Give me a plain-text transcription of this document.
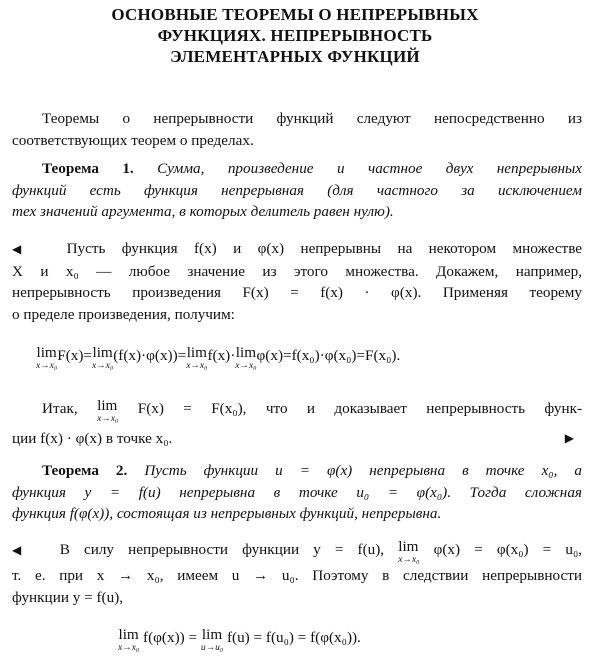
ОСНОВНЫЕ ТЕОРЕМЫ О НЕПРЕРЫВНЫХ
ФУНКЦИЯХ. НЕПРЕРЫВНОСТЬ
ЭЛЕМЕНТАРНЫХ ФУНКЦИЙ
Теоремы о непрерывности функций следуют непосредственно из
соответствующих теорем о пределах.
Теорема 1. Сумма, произведение и частное двух непрерывных
функций есть функция непрерывная (для частного за исключением
тех значений аргумента, в которых делитель равен нулю).
◀ Пусть функция f(x) и φ(x) непрерывны на некотором множестве
X и x₀ — любое значение из этого множества. Докажем, например,
непрерывность произведения F(x) = f(x) · φ(x). Применяя теорему
о пределе произведения, получим:
lim
x→x₀
F(x)= lim
x→x₀
(f(x)·φ(x))= lim
x→x₀
f(x)· lim
x→x₀
φ(x)=f(x₀)·φ(x₀)=F(x₀).
Итак, lim
x→x₀
F(x) = F(x₀), что и доказывает непрерывность функ-
ции f(x) · φ(x) в точке x₀.	▶
Теорема 2. Пусть функции u = φ(x) непрерывна в точке x₀, а
функция y = f(u) непрерывна в точке u₀ = φ(x₀). Тогда сложная
функция f(φ(x)), состоящая из непрерывных функций, непрерывна.
◀ В силу непрерывности функции y = f(u), lim
x→x₀
φ(x) = φ(x₀) = u₀,
т. е. при x → x₀, имеем u → u₀. Поэтому в следствии непрерывности
функции y = f(u),
lim
x→x₀
f(φ(x)) = lim
u→u₀
f(u) = f(u₀) = f(φ(x₀)).
